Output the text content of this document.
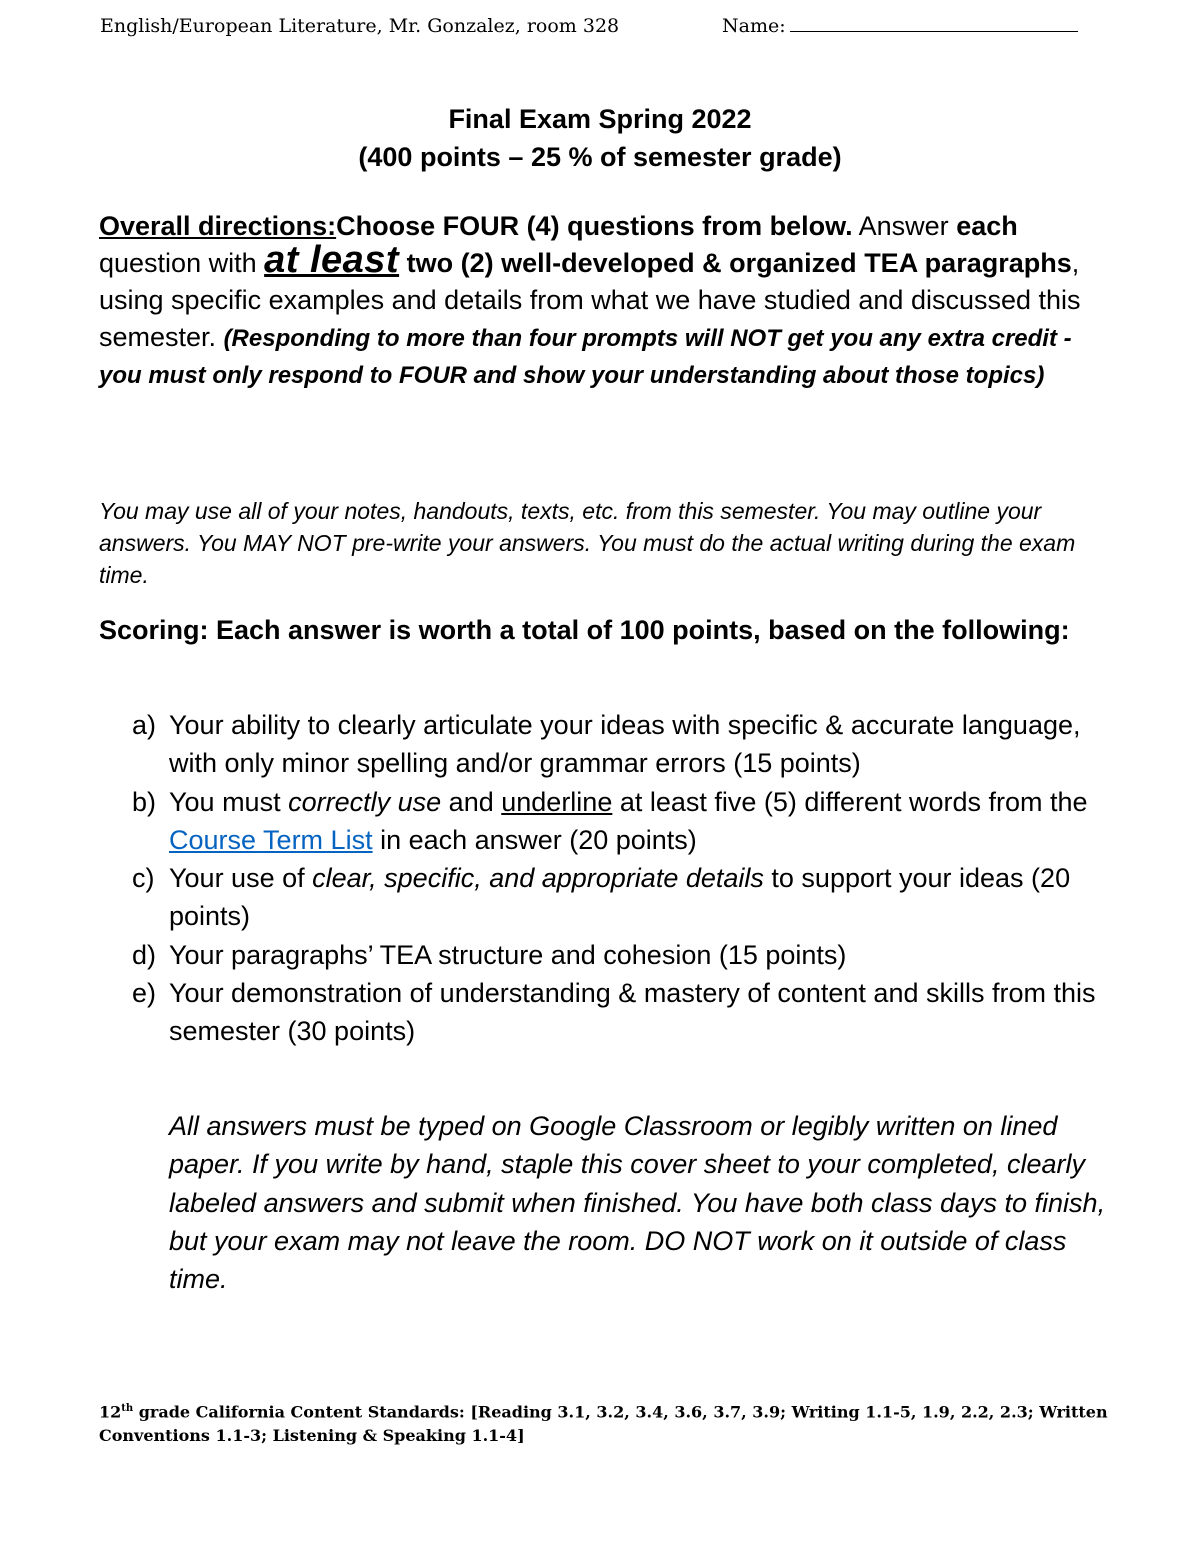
English/European Literature, Mr. Gonzalez, room 328	Name:
Final Exam Spring 2022
(400 points – 25 % of semester grade)
Overall directions:Choose FOUR (4) questions from below. Answer each question with at least two (2) well-developed & organized TEA paragraphs, using specific examples and details from what we have studied and discussed this semester. (Responding to more than four prompts will NOT get you any extra credit - you must only respond to FOUR and show your understanding about those topics)
You may use all of your notes, handouts, texts, etc. from this semester. You may outline your answers. You MAY NOT pre-write your answers. You must do the actual writing during the exam time.
Scoring: Each answer is worth a total of 100 points, based on the following:
a) Your ability to clearly articulate your ideas with specific & accurate language, with only minor spelling and/or grammar errors (15 points)
b) You must correctly use and underline at least five (5) different words from the Course Term List in each answer (20 points)
c) Your use of clear, specific, and appropriate details to support your ideas (20 points)
d) Your paragraphs’ TEA structure and cohesion (15 points)
e) Your demonstration of understanding & mastery of content and skills from this semester (30 points)
All answers must be typed on Google Classroom or legibly written on lined paper. If you write by hand, staple this cover sheet to your completed, clearly labeled answers and submit when finished. You have both class days to finish, but your exam may not leave the room. DO NOT work on it outside of class time.
12th grade California Content Standards: [Reading 3.1, 3.2, 3.4, 3.6, 3.7, 3.9; Writing 1.1-5, 1.9, 2.2, 2.3; Written Conventions 1.1-3; Listening & Speaking 1.1-4]
